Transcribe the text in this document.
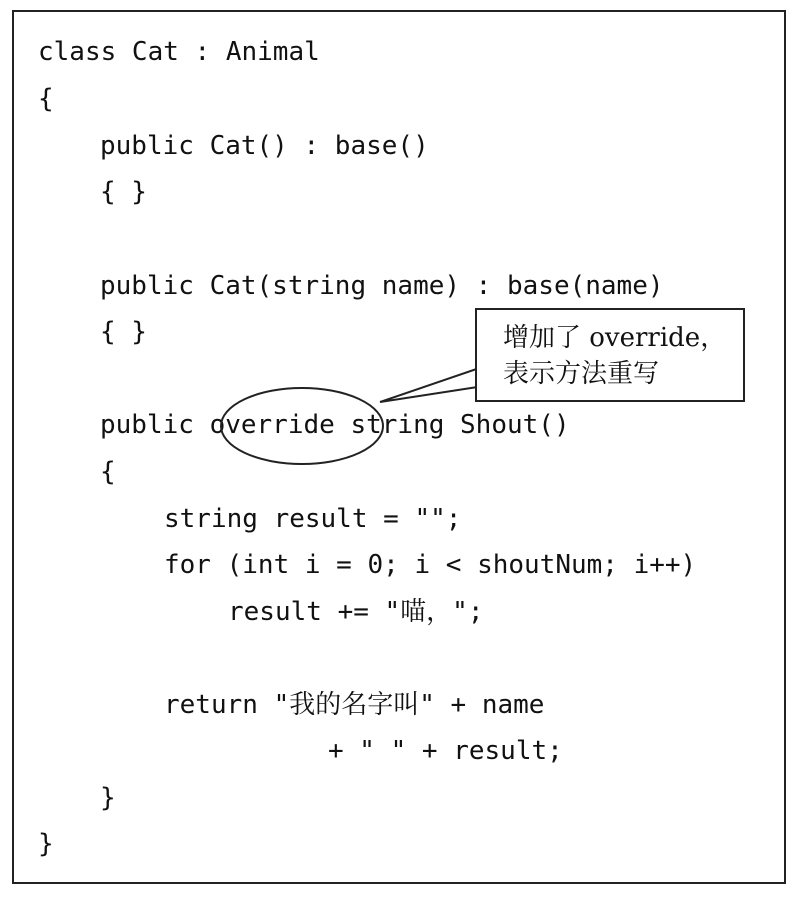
class Cat : Animal
{
public Cat() : base()
{ }
public Cat(string name) : base(name)
{ }
public override string Shout()
{
string result = "";
for (int i = 0; i < shoutNum; i++)
result += "喵，";
return "我的名字叫" + name
+ " " + result;
}
}
增加了 override，
表示方法重写
